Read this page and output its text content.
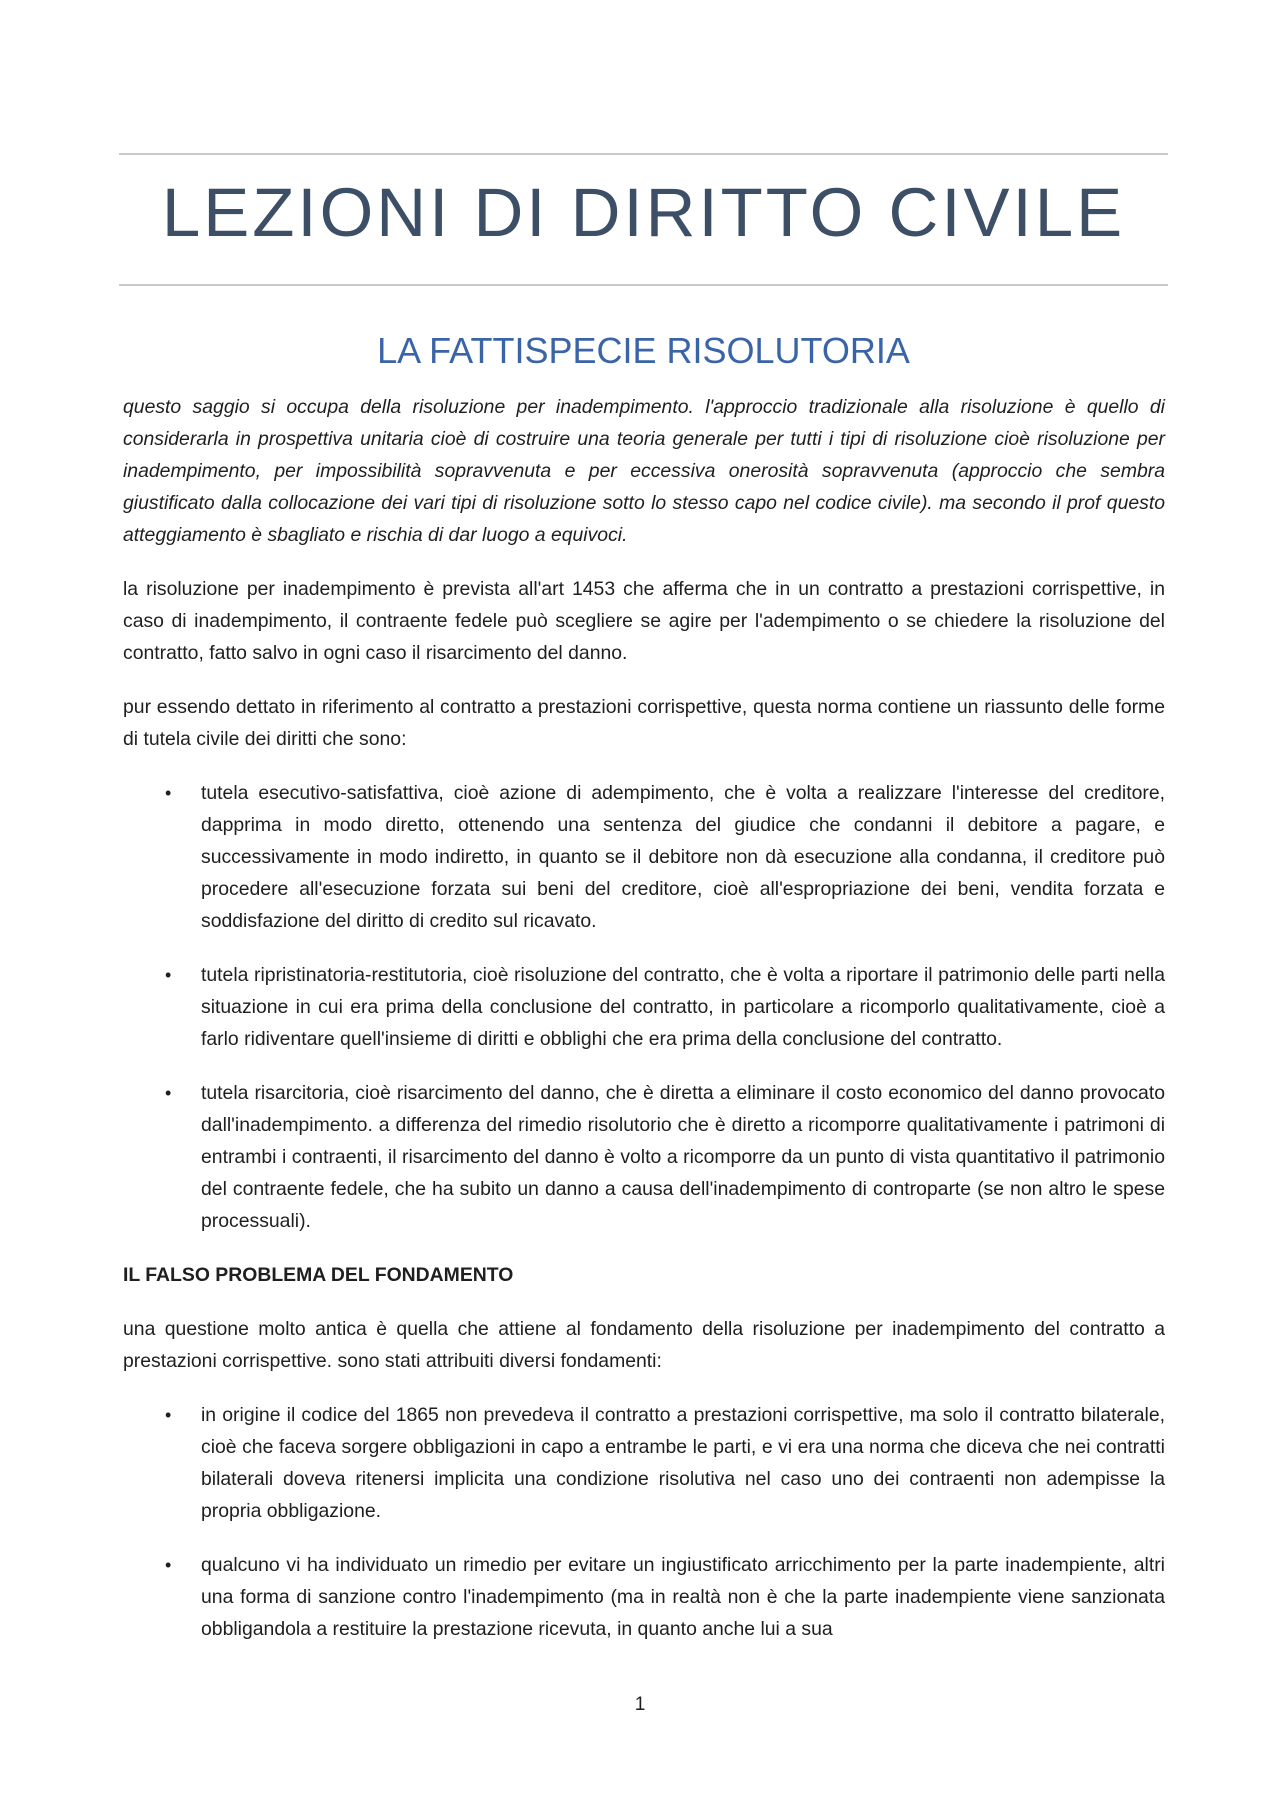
LEZIONI DI DIRITTO CIVILE
LA FATTISPECIE RISOLUTORIA

questo saggio si occupa della risoluzione per inadempimento. l'approccio tradizionale alla risoluzione è quello di considerarla in prospettiva unitaria cioè di costruire una teoria generale per tutti i tipi di risoluzione cioè risoluzione per inadempimento, per impossibilità sopravvenuta e per eccessiva onerosità sopravvenuta (approccio che sembra giustificato dalla collocazione dei vari tipi di risoluzione sotto lo stesso capo nel codice civile). ma secondo il prof questo atteggiamento è sbagliato e rischia di dar luogo a equivoci.

la risoluzione per inadempimento è prevista all'art 1453 che afferma che in un contratto a prestazioni corrispettive, in caso di inadempimento, il contraente fedele può scegliere se agire per l'adempimento o se chiedere la risoluzione del contratto, fatto salvo in ogni caso il risarcimento del danno.

pur essendo dettato in riferimento al contratto a prestazioni corrispettive, questa norma contiene un riassunto delle forme di tutela civile dei diritti che sono:

• tutela esecutivo-satisfattiva, cioè azione di adempimento, che è volta a realizzare l'interesse del creditore, dapprima in modo diretto, ottenendo una sentenza del giudice che condanni il debitore a pagare, e successivamente in modo indiretto, in quanto se il debitore non dà esecuzione alla condanna, il creditore può procedere all'esecuzione forzata sui beni del creditore, cioè all'espropriazione dei beni, vendita forzata e soddisfazione del diritto di credito sul ricavato.
• tutela ripristinatoria-restitutoria, cioè risoluzione del contratto, che è volta a riportare il patrimonio delle parti nella situazione in cui era prima della conclusione del contratto, in particolare a ricomporlo qualitativamente, cioè a farlo ridiventare quell'insieme di diritti e obblighi che era prima della conclusione del contratto.
• tutela risarcitoria, cioè risarcimento del danno, che è diretta a eliminare il costo economico del danno provocato dall'inadempimento. a differenza del rimedio risolutorio che è diretto a ricomporre qualitativamente i patrimoni di entrambi i contraenti, il risarcimento del danno è volto a ricomporre da un punto di vista quantitativo il patrimonio del contraente fedele, che ha subito un danno a causa dell'inadempimento di controparte (se non altro le spese processuali).
IL FALSO PROBLEMA DEL FONDAMENTO

una questione molto antica è quella che attiene al fondamento della risoluzione per inadempimento del contratto a prestazioni corrispettive. sono stati attribuiti diversi fondamenti:

• in origine il codice del 1865 non prevedeva il contratto a prestazioni corrispettive, ma solo il contratto bilaterale, cioè che faceva sorgere obbligazioni in capo a entrambe le parti, e vi era una norma che diceva che nei contratti bilaterali doveva ritenersi implicita una condizione risolutiva nel caso uno dei contraenti non adempisse la propria obbligazione.
• qualcuno vi ha individuato un rimedio per evitare un ingiustificato arricchimento per la parte inadempiente, altri una forma di sanzione contro l'inadempimento (ma in realtà non è che la parte inadempiente viene sanzionata obbligandola a restituire la prestazione ricevuta, in quanto anche lui a sua
1
